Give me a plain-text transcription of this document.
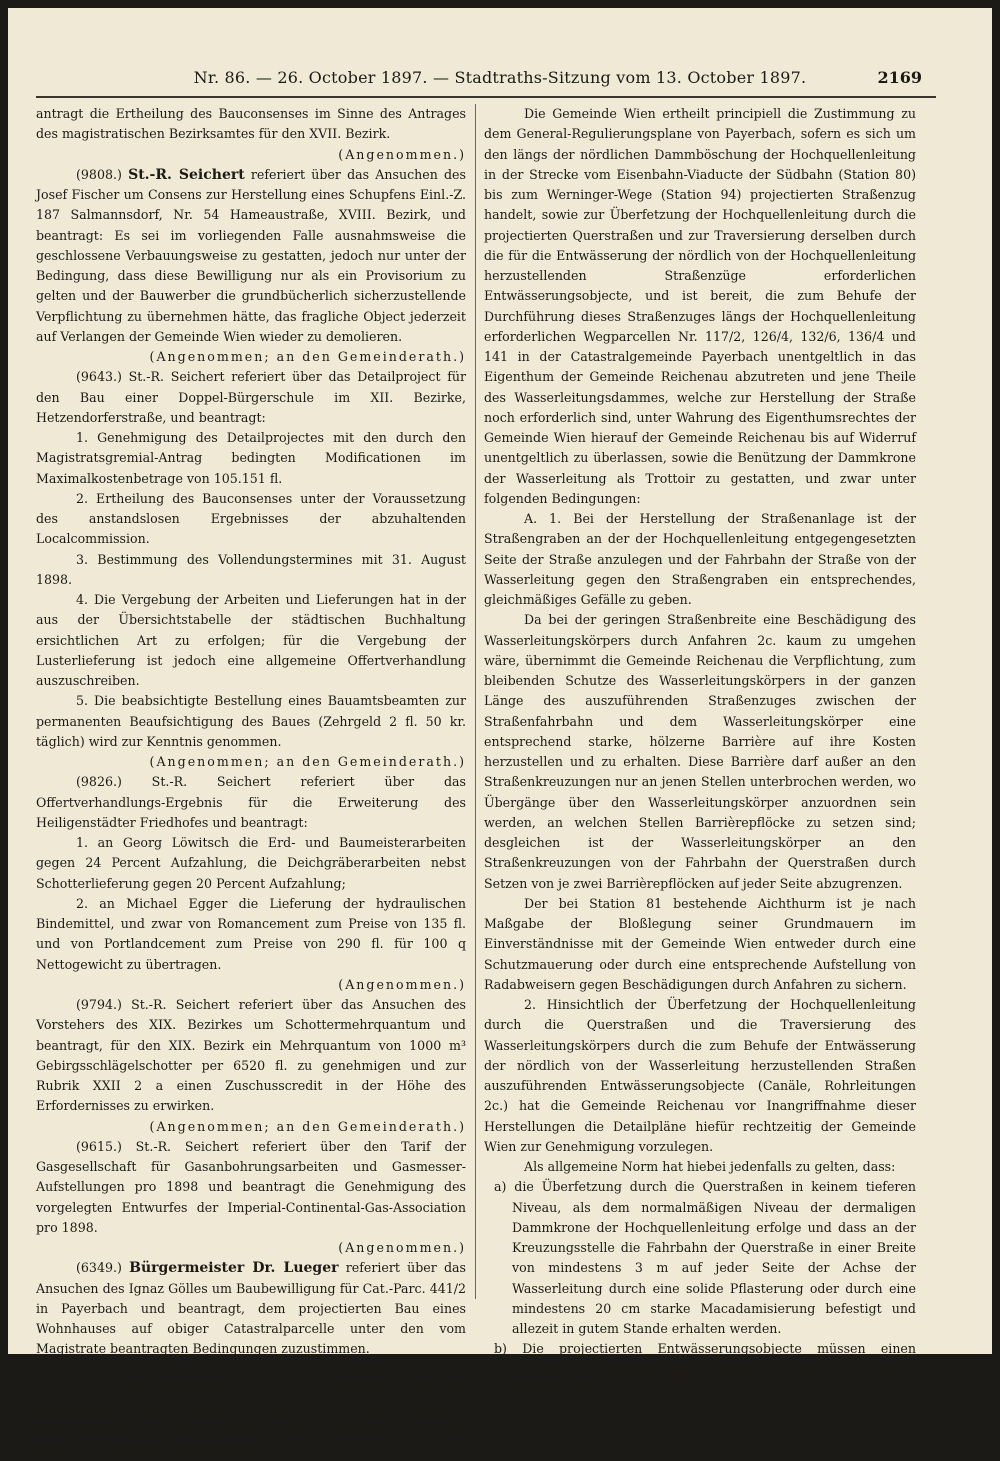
Nr. 86. — 26. October 1897. — Stadtraths-Sitzung vom 13. October 1897.	2169

antragt die Ertheilung des Bauconsenses im Sinne des Antrages des magistratischen Bezirksamtes für den XVII. Bezirk.

(Angenommen.)

(9808.) St.-R. Seichert referiert über das Ansuchen des Josef Fischer um Consens zur Herstellung eines Schupfens Einl.-Z. 187 Salmannsdorf, Nr. 54 Hameaustraße, XVIII. Bezirk, und beantragt: Es sei im vorliegenden Falle ausnahmsweise die geschlossene Verbauungsweise zu gestatten, jedoch nur unter der Bedingung, dass diese Bewilligung nur als ein Provisorium zu gelten und der Bauwerber die grundbücherlich sicherzustellende Verpflichtung zu übernehmen hätte, das fragliche Object jederzeit auf Verlangen der Gemeinde Wien wieder zu demolieren.

(Angenommen; an den Gemeinderath.)

(9643.) St.-R. Seichert referiert über das Detailproject für den Bau einer Doppel-Bürgerschule im XII. Bezirke, Hetzendorferstraße, und beantragt:

1. Genehmigung des Detailprojectes mit den durch den Magistratsgremial-Antrag bedingten Modificationen im Maximalkostenbetrage von 105.151 fl.

2. Ertheilung des Bauconsenses unter der Voraussetzung des anstandslosen Ergebnisses der abzuhaltenden Localcommission.

3. Bestimmung des Vollendungstermines mit 31. August 1898.

4. Die Vergebung der Arbeiten und Lieferungen hat in der aus der Übersichtstabelle der städtischen Buchhaltung ersichtlichen Art zu erfolgen; für die Vergebung der Lusterlieferung ist jedoch eine allgemeine Offertverhandlung auszuschreiben.

5. Die beabsichtigte Bestellung eines Bauamtsbeamten zur permanenten Beaufsichtigung des Baues (Zehrgeld 2 fl. 50 kr. täglich) wird zur Kenntnis genommen.

(Angenommen; an den Gemeinderath.)

(9826.) St.-R. Seichert referiert über das Offertverhandlungs-Ergebnis für die Erweiterung des Heiligenstädter Friedhofes und beantragt:

1. an Georg Löwitsch die Erd- und Baumeisterarbeiten gegen 24 Percent Aufzahlung, die Deichgräberarbeiten nebst Schotterlieferung gegen 20 Percent Aufzahlung;

2. an Michael Egger die Lieferung der hydraulischen Bindemittel, und zwar von Romancement zum Preise von 135 fl. und von Portlandcement zum Preise von 290 fl. für 100 q Nettogewicht zu übertragen.

(Angenommen.)

(9794.) St.-R. Seichert referiert über das Ansuchen des Vorstehers des XIX. Bezirkes um Schottermehrquantum und beantragt, für den XIX. Bezirk ein Mehrquantum von 1000 m³ Gebirgsschlägelschotter per 6520 fl. zu genehmigen und zur Rubrik XXII 2 a einen Zuschusscredit in der Höhe des Erfordernisses zu erwirken.

(Angenommen; an den Gemeinderath.)

(9615.) St.-R. Seichert referiert über den Tarif der Gasgesellschaft für Gasanbohrungsarbeiten und Gasmesser-Aufstellungen pro 1898 und beantragt die Genehmigung des vorgelegten Entwurfes der Imperial-Continental-Gas-Association pro 1898.

(Angenommen.)

(6349.) Bürgermeister Dr. Lueger referiert über das Ansuchen des Ignaz Gölles um Baubewilligung für Cat.-Parc. 441/2 in Payerbach und beantragt, dem projectierten Bau eines Wohnhauses auf obiger Catastralparcelle unter den vom Magistrate beantragten Bedingungen zuzustimmen.

(Angenommen.)

(4640.) Bürgermeister Dr. Lueger referiert über die Zustimmung der Gemeinde Wien zu dem General-Regulierungsplane für Payerbach mit Rücksicht auf die Hochquellenleitung und beantragt:

Die Gemeinde Wien ertheilt principiell die Zustimmung zu dem General-Regulierungsplane von Payerbach, sofern es sich um den längs der nördlichen Dammböschung der Hochquellenleitung in der Strecke vom Eisenbahn-Viaducte der Südbahn (Station 80) bis zum Werninger-Wege (Station 94) projectierten Straßenzug handelt, sowie zur Überfetzung der Hochquellenleitung durch die projectierten Querstraßen und zur Traversierung derselben durch die für die Entwässerung der nördlich von der Hochquellenleitung herzustellenden Straßenzüge erforderlichen Entwässerungsobjecte, und ist bereit, die zum Behufe der Durchführung dieses Straßenzuges längs der Hochquellenleitung erforderlichen Wegparcellen Nr. 117/2, 126/4, 132/6, 136/4 und 141 in der Catastralgemeinde Payerbach unentgeltlich in das Eigenthum der Gemeinde Reichenau abzutreten und jene Theile des Wasserleitungsdammes, welche zur Herstellung der Straße noch erforderlich sind, unter Wahrung des Eigenthumsrechtes der Gemeinde Wien hierauf der Gemeinde Reichenau bis auf Widerruf unentgeltlich zu überlassen, sowie die Benützung der Dammkrone der Wasserleitung als Trottoir zu gestatten, und zwar unter folgenden Bedingungen:

A. 1. Bei der Herstellung der Straßenanlage ist der Straßengraben an der der Hochquellenleitung entgegengesetzten Seite der Straße anzulegen und der Fahrbahn der Straße von der Wasserleitung gegen den Straßengraben ein entsprechendes, gleichmäßiges Gefälle zu geben.

Da bei der geringen Straßenbreite eine Beschädigung des Wasserleitungskörpers durch Anfahren 2c. kaum zu umgehen wäre, übernimmt die Gemeinde Reichenau die Verpflichtung, zum bleibenden Schutze des Wasserleitungskörpers in der ganzen Länge des auszuführenden Straßenzuges zwischen der Straßenfahrbahn und dem Wasserleitungskörper eine entsprechend starke, hölzerne Barrière auf ihre Kosten herzustellen und zu erhalten. Diese Barrière darf außer an den Straßenkreuzungen nur an jenen Stellen unterbrochen werden, wo Übergänge über den Wasserleitungskörper anzuordnen sein werden, an welchen Stellen Barrièrepflöcke zu setzen sind; desgleichen ist der Wasserleitungskörper an den Straßenkreuzungen von der Fahrbahn der Querstraßen durch Setzen von je zwei Barrièrepflöcken auf jeder Seite abzugrenzen.

Der bei Station 81 bestehende Aichthurm ist je nach Maßgabe der Bloßlegung seiner Grundmauern im Einverständnisse mit der Gemeinde Wien entweder durch eine Schutzmauerung oder durch eine entsprechende Aufstellung von Radabweisern gegen Beschädigungen durch Anfahren zu sichern.

2. Hinsichtlich der Überfetzung der Hochquellenleitung durch die Querstraßen und die Traversierung des Wasserleitungskörpers durch die zum Behufe der Entwässerung der nördlich von der Wasserleitung herzustellenden Straßen auszuführenden Entwässerungsobjecte (Canäle, Rohrleitungen 2c.) hat die Gemeinde Reichenau vor Inangriffnahme dieser Herstellungen die Detailpläne hiefür rechtzeitig der Gemeinde Wien zur Genehmigung vorzulegen.

Als allgemeine Norm hat hiebei jedenfalls zu gelten, dass:

a) die Überfetzung durch die Querstraßen in keinem tieferen Niveau, als dem normalmäßigen Niveau der dermaligen Dammkrone der Hochquellenleitung erfolge und dass an der Kreuzungsstelle die Fahrbahn der Querstraße in einer Breite von mindestens 3 m auf jeder Seite der Achse der Wasserleitung durch eine solide Pflasterung oder durch eine mindestens 20 cm starke Macadamisierung befestigt und allezeit in gutem Stande erhalten werden.

b) Die projectierten Entwässerungsobjecte müssen einen entsprechend großen, lichten Querschnitt bekommen, sind im Bereiche der
